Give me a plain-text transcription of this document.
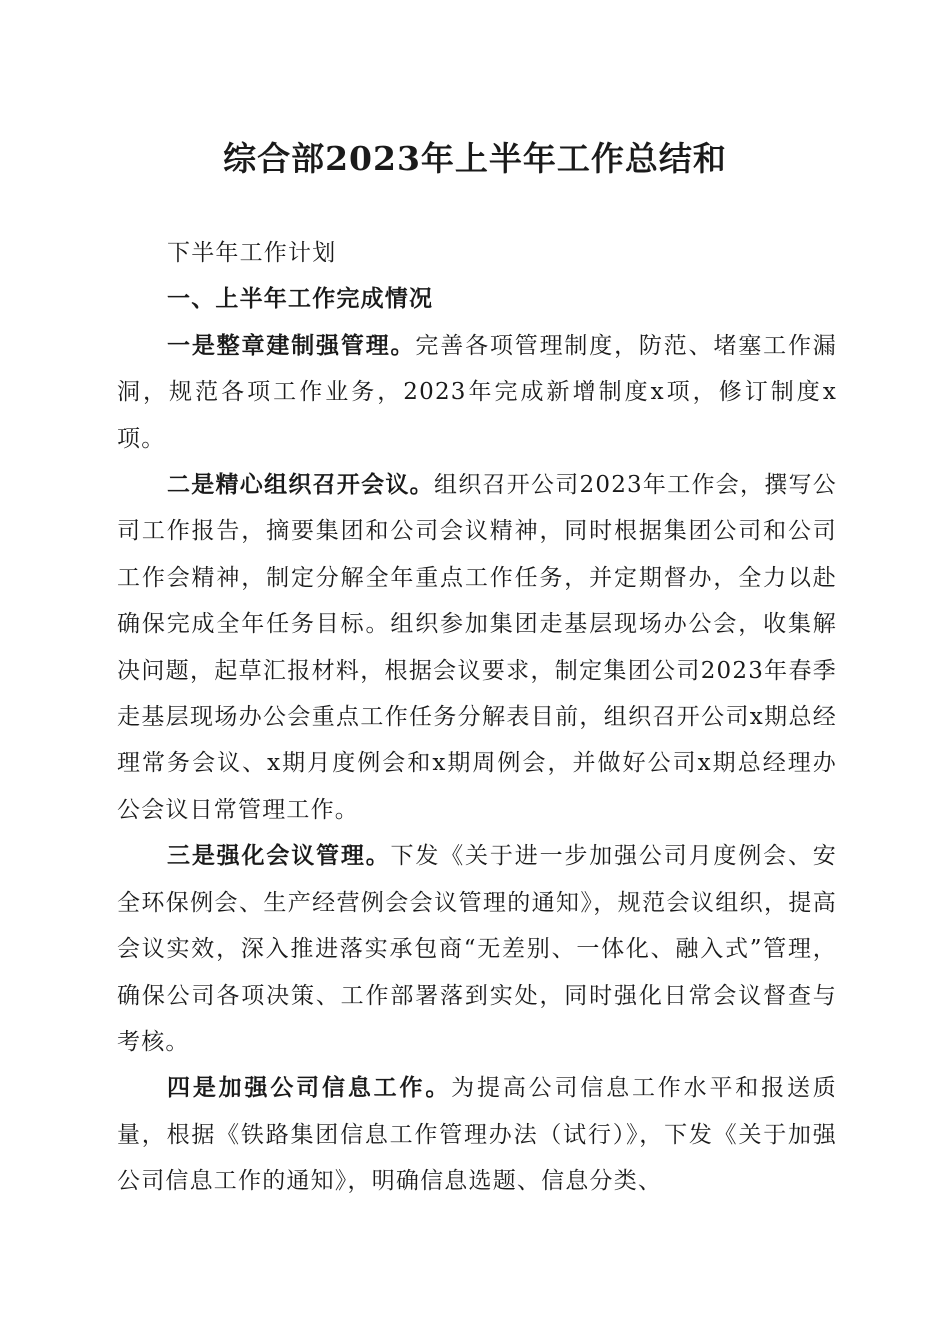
综合部2023年上半年工作总结和

下半年工作计划

一、上半年工作完成情况

一是整章建制强管理。完善各项管理制度，防范、堵塞工作漏洞，规范各项工作业务，2023年完成新增制度x项，修订制度x项。

二是精心组织召开会议。组织召开公司2023年工作会，撰写公司工作报告，摘要集团和公司会议精神，同时根据集团公司和公司工作会精神，制定分解全年重点工作任务，并定期督办，全力以赴确保完成全年任务目标。组织参加集团走基层现场办公会，收集解决问题，起草汇报材料，根据会议要求，制定集团公司2023年春季走基层现场办公会重点工作任务分解表目前，组织召开公司x期总经理常务会议、x期月度例会和x期周例会，并做好公司x期总经理办公会议日常管理工作。

三是强化会议管理。下发《关于进一步加强公司月度例会、安全环保例会、生产经营例会会议管理的通知》，规范会议组织，提高会议实效，深入推进落实承包商“无差别、一体化、融入式”管理，确保公司各项决策、工作部署落到实处，同时强化日常会议督查与考核。

四是加强公司信息工作。为提高公司信息工作水平和报送质量，根据《铁路集团信息工作管理办法（试行）》，下发《关于加强公司信息工作的通知》，明确信息选题、信息分类、
